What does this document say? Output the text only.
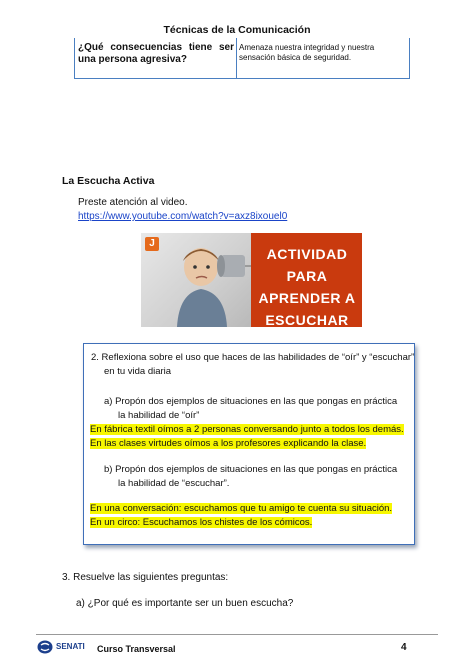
Técnicas de la Comunicación
¿Qué consecuencias tiene ser una persona agresiva?
Amenaza nuestra integridad y nuestra sensación básica de seguridad.
La Escucha Activa
Preste atención al video.
https://www.youtube.com/watch?v=axz8ixouel0
J
ACTIVIDAD
PARA
APRENDER A
ESCUCHAR
2. Reflexiona sobre el uso que haces de las habilidades de “oír” y “escuchar”
en tu vida diaria
a) Propón dos ejemplos de situaciones en las que pongas en práctica
la habilidad de “oír”
En fábrica textil oímos a 2 personas conversando junto a todos los demás.
En las clases virtudes oímos a los profesores explicando la clase.
b) Propón dos ejemplos de situaciones en las que pongas en práctica
la habilidad de “escuchar”.
En una conversación: escuchamos que tu amigo te cuenta su situación.
En un circo: Escuchamos los chistes de los cómicos.
3. Resuelve las siguientes preguntas:
a) ¿Por qué es importante ser un buen escucha?
SENATI Curso Transversal	4
